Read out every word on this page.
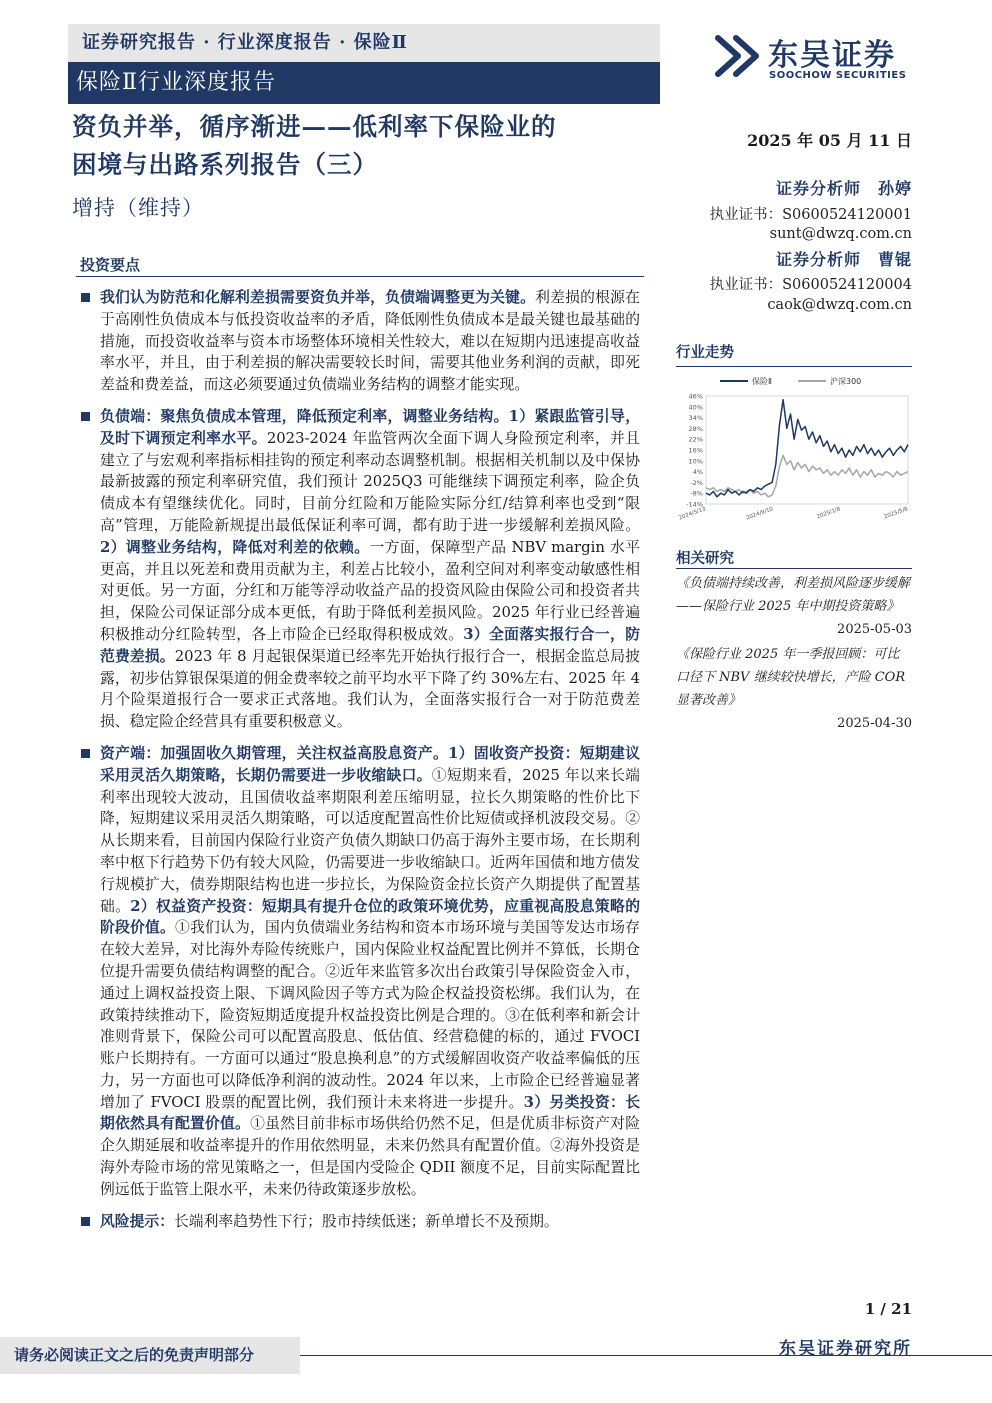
证券研究报告 · 行业深度报告 · 保险Ⅱ
保险Ⅱ行业深度报告
东吴证券
SOOCHOW SECURITIES
资负并举，循序渐进——低利率下保险业的
困境与出路系列报告（三）
增持（维持）
2025 年 05 月 11 日
证券分析师　孙婷
执业证书：S0600524120001
sunt@dwzq.com.cn
证券分析师　曹锟
执业证书：S0600524120004
caok@dwzq.com.cn
行业走势
保险Ⅱ	沪深300
46%
40%
34%
28%
22%
16%
10%
4%
-2%
-8%
-14%
2024/5/13	2024/9/10	2025/1/8	2025/5/8
相关研究
《负债端持续改善，利差损风险逐步缓解——保险行业 2025 年中期投资策略》
2025-05-03
《保险行业 2025 年一季报回顾：可比口径下 NBV 继续较快增长，产险 COR 显著改善》
2025-04-30
投资要点
我们认为防范和化解利差损需要资负并举，负债端调整更为关键。利差损的根源在于高刚性负债成本与低投资收益率的矛盾，降低刚性负债成本是最关键也最基础的措施，而投资收益率与资本市场整体环境相关性较大，难以在短期内迅速提高收益率水平，并且，由于利差损的解决需要较长时间，需要其他业务利润的贡献，即死差益和费差益，而这必须要通过负债端业务结构的调整才能实现。
负债端：聚焦负债成本管理，降低预定利率，调整业务结构。1）紧跟监管引导，及时下调预定利率水平。2023-2024 年监管两次全面下调人身险预定利率，并且建立了与宏观利率指标相挂钩的预定利率动态调整机制。根据相关机制以及中保协最新披露的预定利率研究值，我们预计 2025Q3 可能继续下调预定利率，险企负债成本有望继续优化。同时，目前分红险和万能险实际分红/结算利率也受到“限高”管理，万能险新规提出最低保证利率可调，都有助于进一步缓解利差损风险。2）调整业务结构，降低对利差的依赖。一方面，保障型产品 NBV margin 水平更高，并且以死差和费用贡献为主，利差占比较小，盈利空间对利率变动敏感性相对更低。另一方面，分红和万能等浮动收益产品的投资风险由保险公司和投资者共担，保险公司保证部分成本更低，有助于降低利差损风险。2025 年行业已经普遍积极推动分红险转型，各上市险企已经取得积极成效。3）全面落实报行合一，防范费差损。2023 年 8 月起银保渠道已经率先开始执行报行合一，根据金监总局披露，初步估算银保渠道的佣金费率较之前平均水平下降了约 30%左右、2025 年 4 月个险渠道报行合一要求正式落地。我们认为，全面落实报行合一对于防范费差损、稳定险企经营具有重要积极意义。
资产端：加强固收久期管理，关注权益高股息资产。1）固收资产投资：短期建议采用灵活久期策略，长期仍需要进一步收缩缺口。①短期来看，2025 年以来长端利率出现较大波动，且国债收益率期限利差压缩明显，拉长久期策略的性价比下降，短期建议采用灵活久期策略，可以适度配置高性价比短债或择机波段交易。②从长期来看，目前国内保险行业资产负债久期缺口仍高于海外主要市场，在长期利率中枢下行趋势下仍有较大风险，仍需要进一步收缩缺口。近两年国债和地方债发行规模扩大，债券期限结构也进一步拉长，为保险资金拉长资产久期提供了配置基础。2）权益资产投资：短期具有提升仓位的政策环境优势，应重视高股息策略的阶段价值。①我们认为，国内负债端业务结构和资本市场环境与美国等发达市场存在较大差异，对比海外寿险传统账户，国内保险业权益配置比例并不算低，长期仓位提升需要负债结构调整的配合。②近年来监管多次出台政策引导保险资金入市，通过上调权益投资上限、下调风险因子等方式为险企权益投资松绑。我们认为，在政策持续推动下，险资短期适度提升权益投资比例是合理的。③在低利率和新会计准则背景下，保险公司可以配置高股息、低估值、经营稳健的标的，通过 FVOCI 账户长期持有。一方面可以通过“股息换利息”的方式缓解固收资产收益率偏低的压力，另一方面也可以降低净利润的波动性。2024 年以来，上市险企已经普遍显著增加了 FVOCI 股票的配置比例，我们预计未来将进一步提升。3）另类投资：长期依然具有配置价值。①虽然目前非标市场供给仍然不足，但是优质非标资产对险企久期延展和收益率提升的作用依然明显，未来仍然具有配置价值。②海外投资是海外寿险市场的常见策略之一，但是国内受险企 QDII 额度不足，目前实际配置比例远低于监管上限水平，未来仍待政策逐步放松。
风险提示：长端利率趋势性下行；股市持续低迷；新单增长不及预期。
1 / 21
请务必阅读正文之后的免责声明部分	东吴证券研究所
